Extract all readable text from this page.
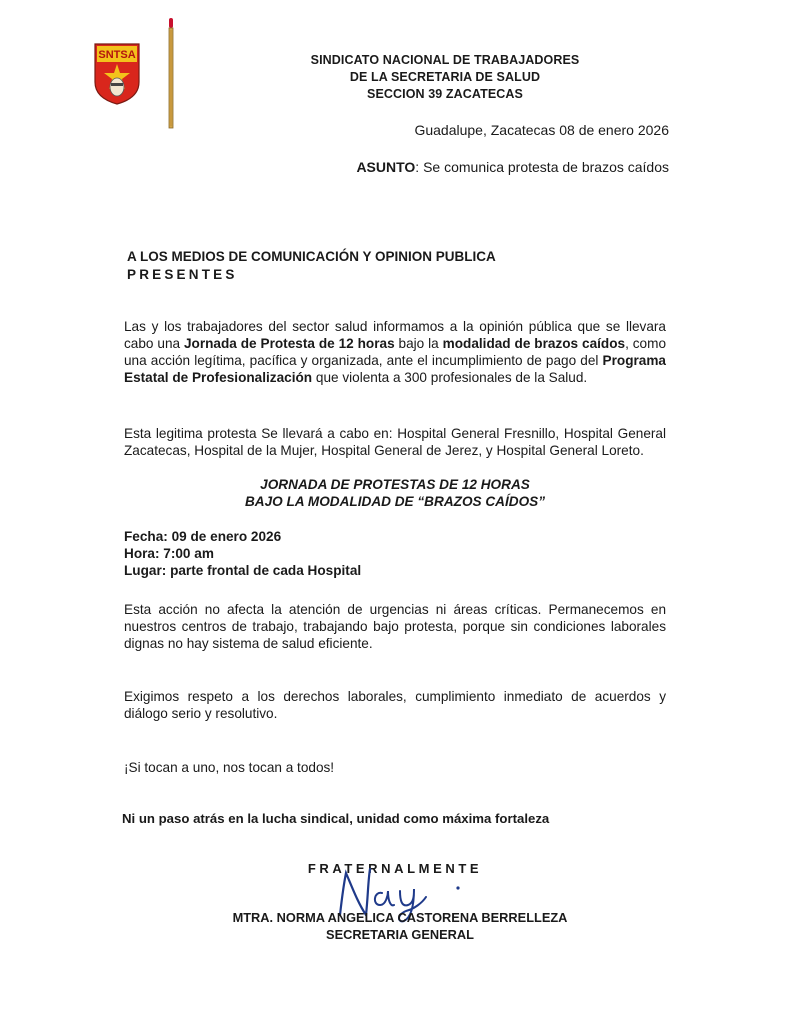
SNTSA	SINDICATO NACIONAL DE TRABAJADORES
DE LA SECRETARIA DE SALUD
SECCION 39 ZACATECAS
Guadalupe, Zacatecas 08 de enero 2026
ASUNTO: Se comunica protesta de brazos caídos
A LOS MEDIOS DE COMUNICACIÓN Y OPINION PUBLICA
PRESENTES
Las y los trabajadores del sector salud informamos a la opinión pública que se llevara cabo una Jornada de Protesta de 12 horas bajo la modalidad de brazos caídos, como una acción legítima, pacífica y organizada, ante el incumplimiento de pago del Programa Estatal de Profesionalización que violenta a 300 profesionales de la Salud.
Esta legitima protesta Se llevará a cabo en: Hospital General Fresnillo, Hospital General Zacatecas, Hospital de la Mujer, Hospital General de Jerez, y Hospital General Loreto.
JORNADA DE PROTESTAS DE 12 HORAS
BAJO LA MODALIDAD DE “BRAZOS CAÍDOS”
Fecha: 09 de enero 2026
Hora: 7:00 am
Lugar: parte frontal de cada Hospital
Esta acción no afecta la atención de urgencias ni áreas críticas. Permanecemos en nuestros centros de trabajo, trabajando bajo protesta, porque sin condiciones laborales dignas no hay sistema de salud eficiente.
Exigimos respeto a los derechos laborales, cumplimiento inmediato de acuerdos y diálogo serio y resolutivo.
¡Si tocan a uno, nos tocan a todos!
Ni un paso atrás en la lucha sindical, unidad como máxima fortaleza
FRATERNALMENTE
MTRA. NORMA ANGELICA CASTORENA BERRELLEZA
SECRETARIA GENERAL
